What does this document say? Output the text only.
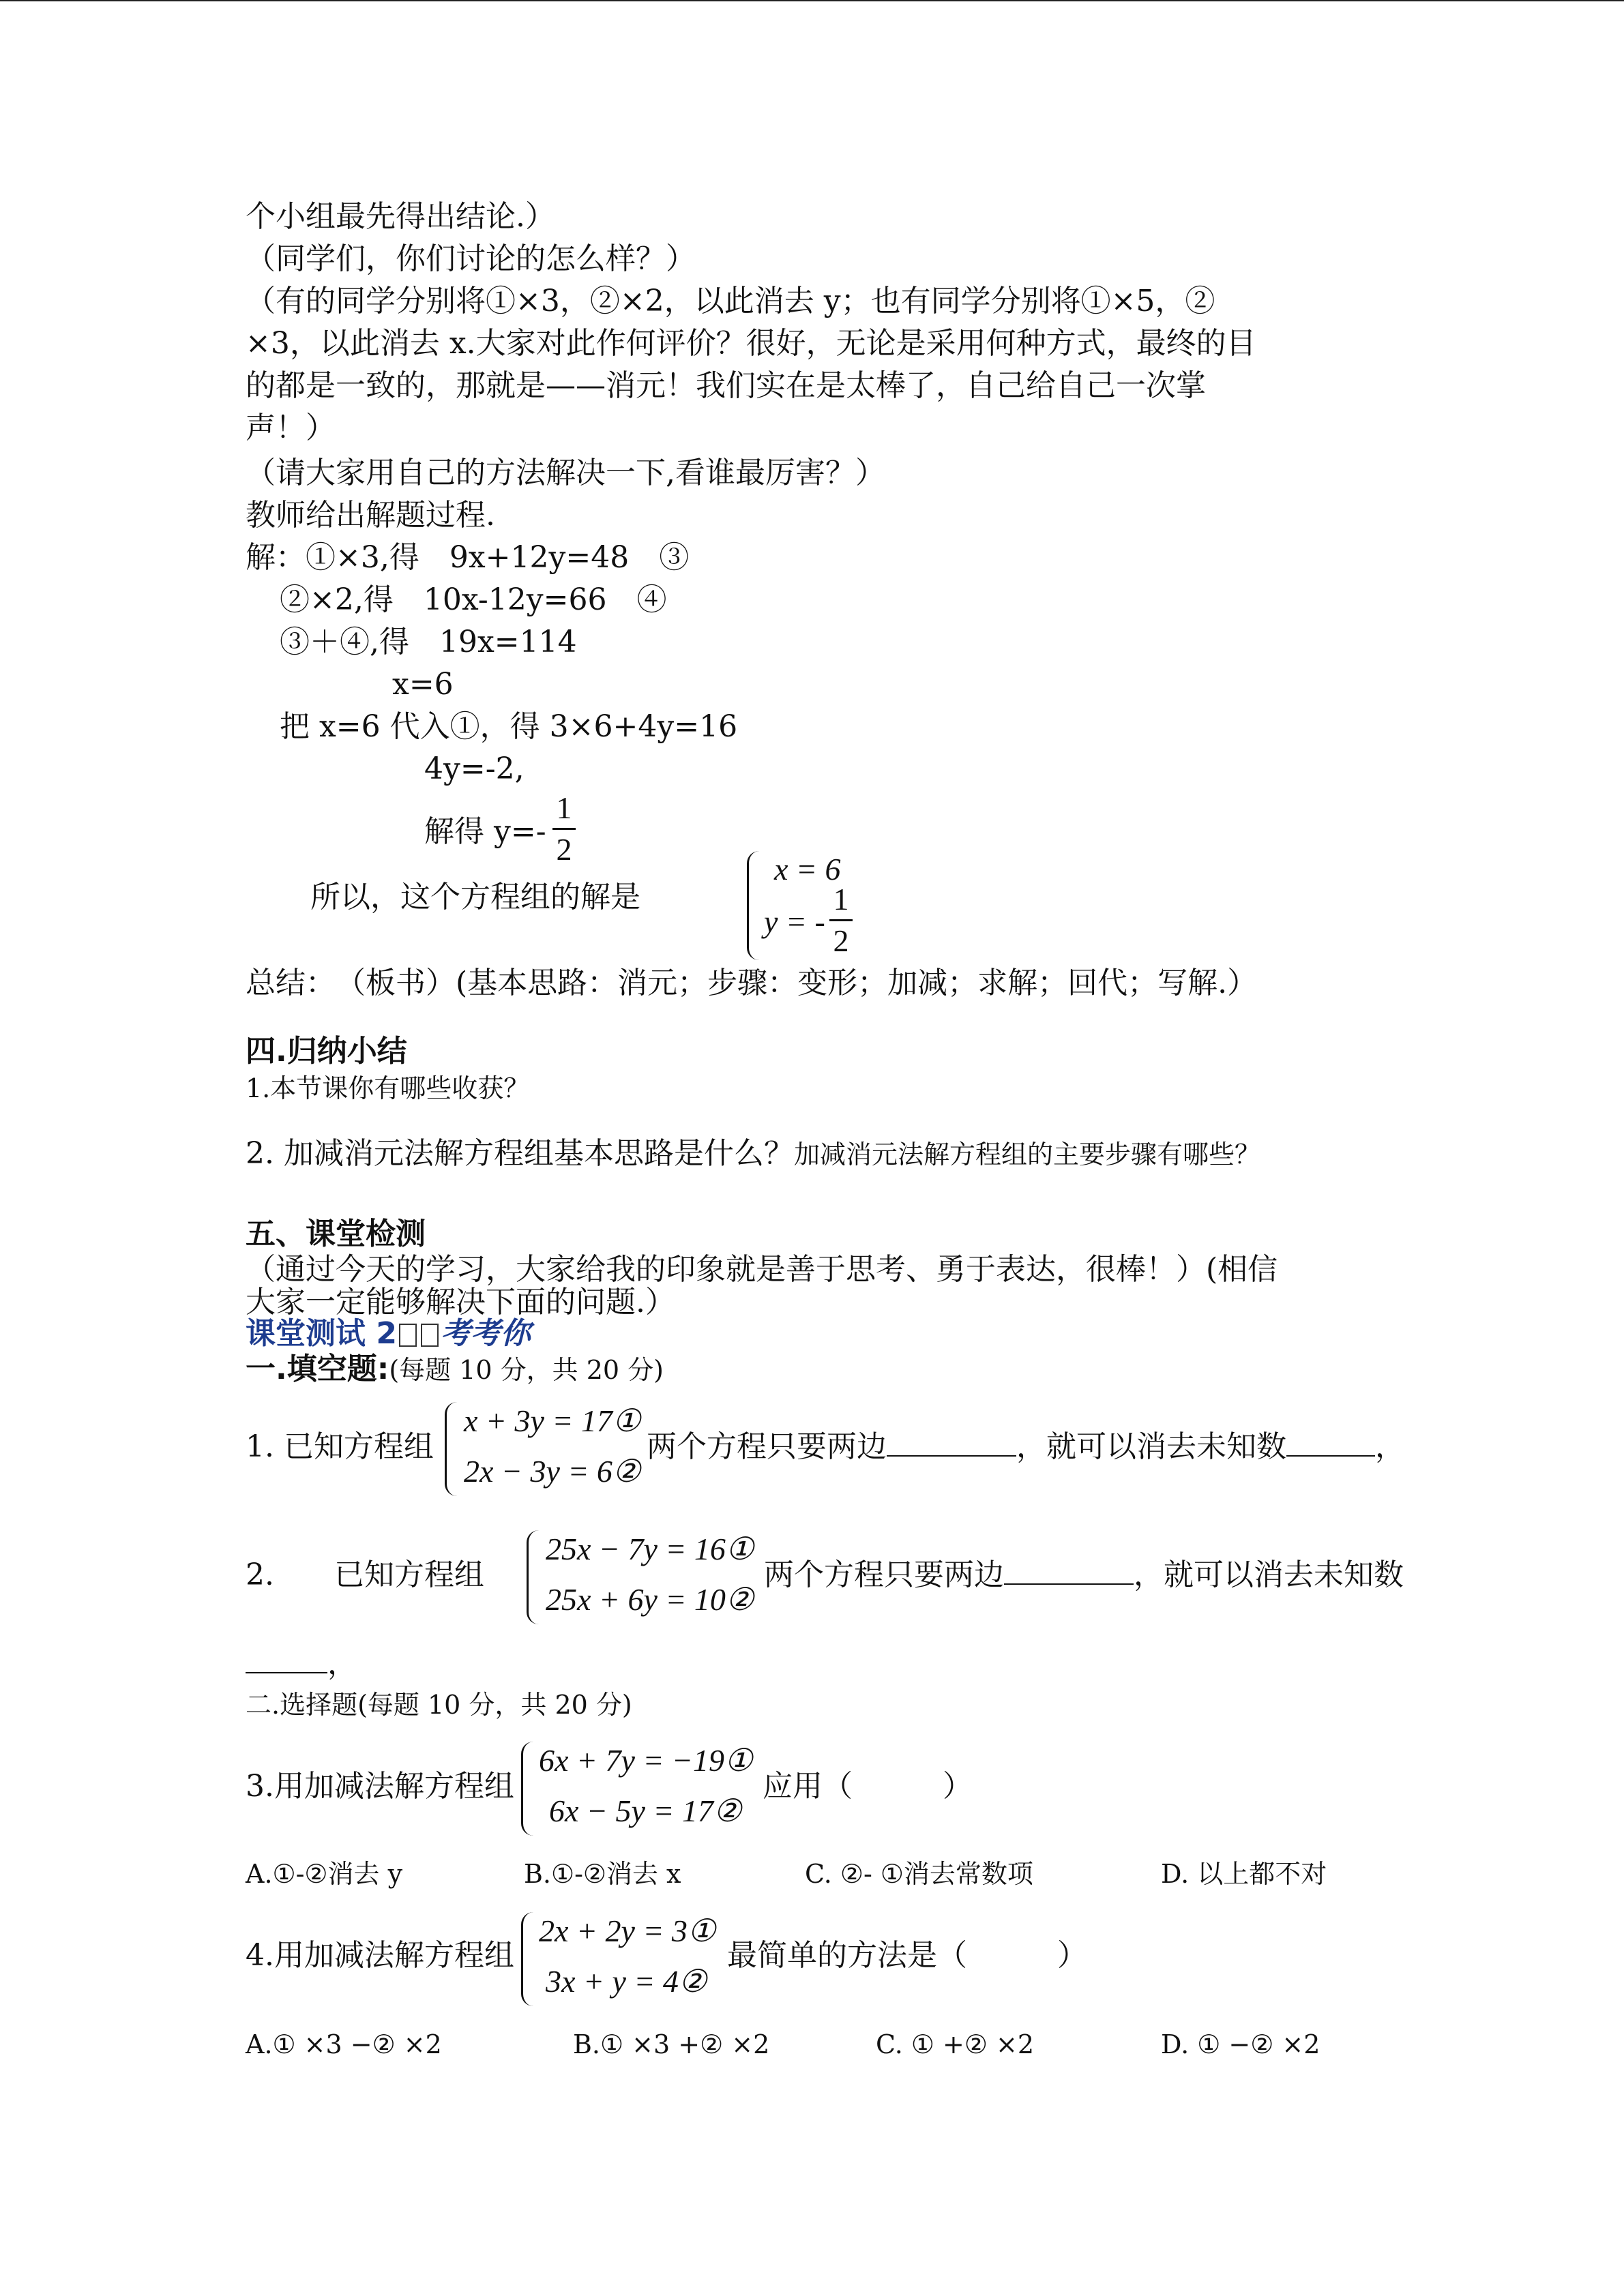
个小组最先得出结论.）
（同学们，你们讨论的怎么样？）
（有的同学分别将①×3，②×2，以此消去 y；也有同学分别将①×5，②
×3，以此消去 x.大家对此作何评价？很好，无论是采用何种方式，最终的目
的都是一致的，那就是——消元！我们实在是太棒了，自己给自己一次掌
声！）
（请大家用自己的方法解决一下,看谁最厉害？）
教师给出解题过程.
解：①×3,得　9x+12y=48　③
②×2,得　10x-12y=66　④
③＋④,得　19x=114
x=6
把 x=6 代入①，得 3×6+4y=16
4y=-2,
解得 y=-
1
2
所以，这个方程组的解是
x = 6
y = -
1
2
总结：　（板书）(基本思路：消元；步骤：变形；加减；求解；回代；写解.）
四.归纳小结
1.本节课你有哪些收获？
2. 加减消元法解方程组基本思路是什么？加减消元法解方程组的主要步骤有哪些？
五、课堂检测
（通过今天的学习，大家给我的印象就是善于思考、勇于表达，很棒！）(相信
大家一定能够解决下面的问题.）
课堂测试 2 考考你
一.填空题:(每题 10 分，共 20 分)
1. 已知方程组
x + 3y = 17①
2x − 3y = 6②
两个方程只要两边	，就可以消去未知数	，
2.　　已知方程组
25x − 7y = 16①
25x + 6y = 10②
两个方程只要两边	，就可以消去未知数
，
二.选择题(每题 10 分，共 20 分)
3.用加减法解方程组
6x + 7y = −19①
6x − 5y = 17②
应用（　　　）
A.①-②消去 y	B.①-②消去 x	C. ②- ①消去常数项	D. 以上都不对
4.用加减法解方程组
2x + 2y = 3①
3x + y = 4②
最简单的方法是（　　　）
A.① ×3 −② ×2	B.① ×3 +② ×2	C. ① +② ×2	D. ① −② ×2
